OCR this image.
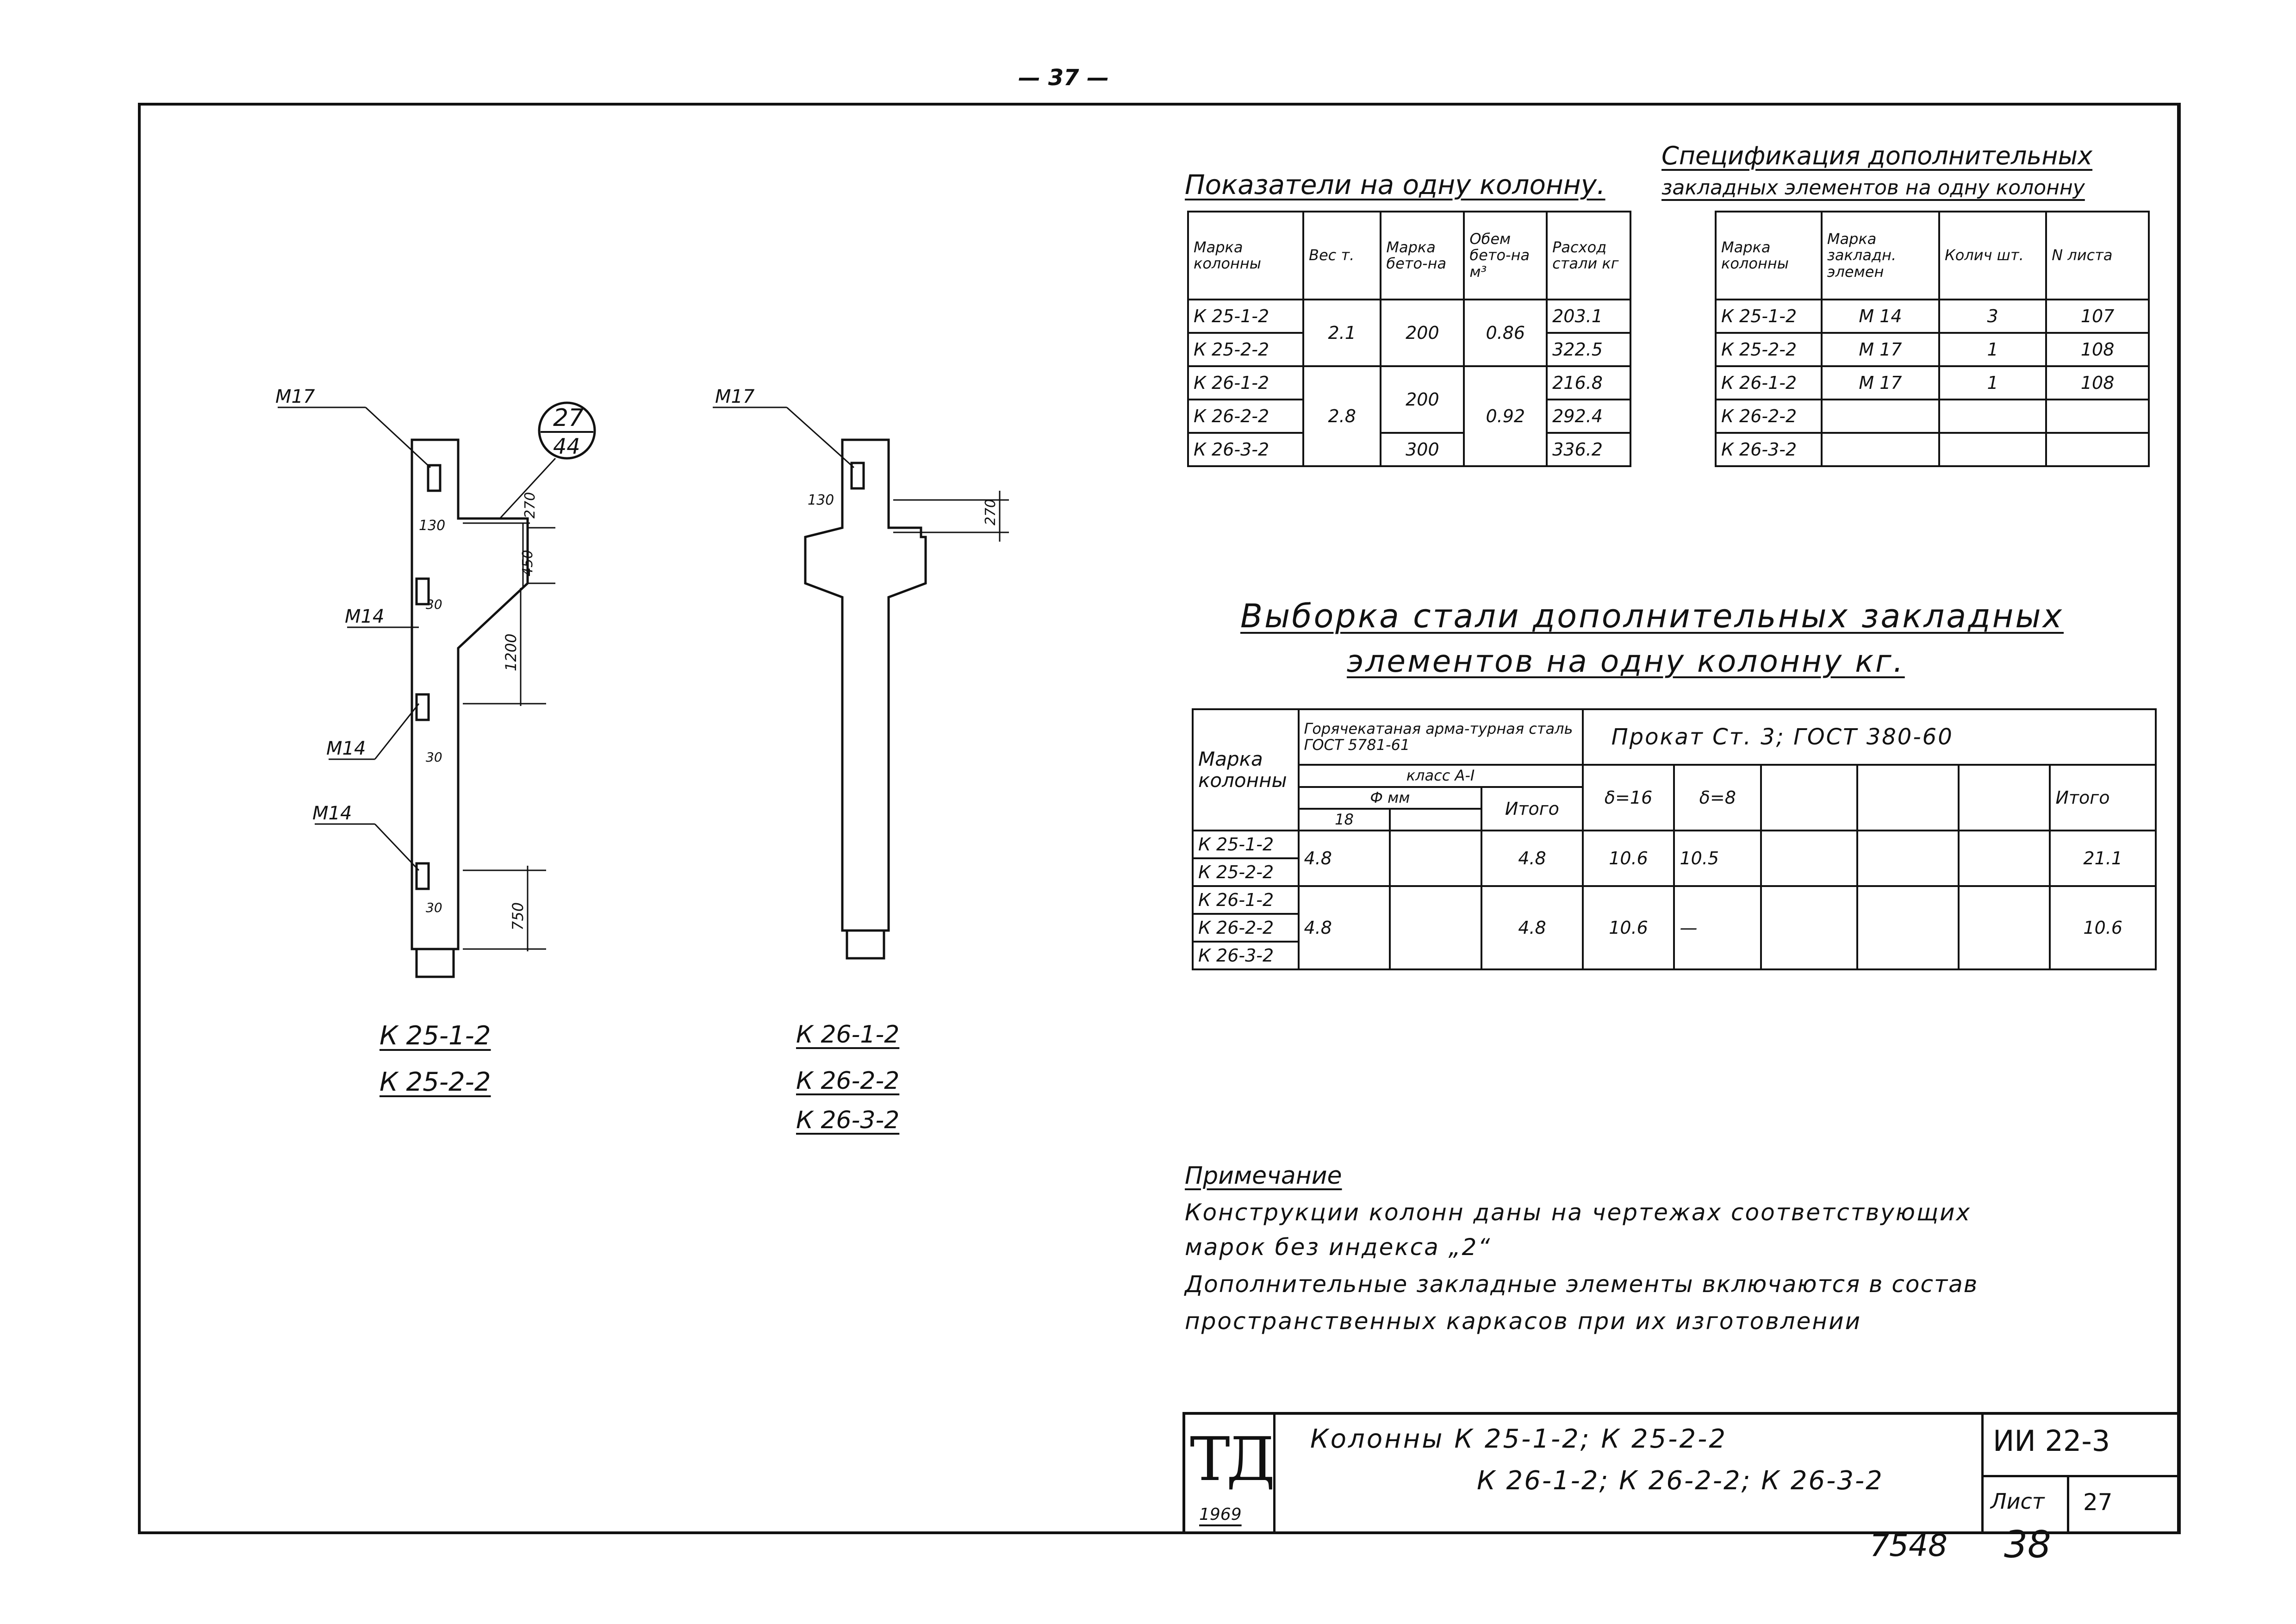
— 37 —
М17
М14
М14
М14
27
44
130
270
450
1200
750
30
30
30
М17
130	270
К 25-1-2
К 25-2-2
К 26-1-2
К 26-2-2
К 26-3-2
Показатели на одну колонну.
Марка колонны	Вес т.	Марка бето-на	Обем бето-на м³	Расход стали кг
К 25-1-2	2.1	200	0.86	203.1
К 25-2-2				322.5
К 26-1-2	2.8	200	0.92	216.8
К 26-2-2				292.4
К 26-3-2		300		336.2
Спецификация дополнительных
закладных элементов на одну колонну
Марка колонны	Марка закладн. элемен	Колич шт.	N листа
К 25-1-2	М 14	3	107
К 25-2-2	М 17	1	108
К 26-1-2	М 17	1	108
К 26-2-2			
К 26-3-2			
Выборка стали дополнительных закладных
элементов на одну колонну кг.
Марка колонны	Горячекатаная арма-турная сталь ГОСТ 5781-61			Прокат Ст. 3; ГОСТ 380-60					
	класс А-I			δ=16	δ=8				Итого
	Ф мм		Итого						
	18								
К 25-1-2	4.8		4.8	10.6	10.5				21.1
К 25-2-2									
К 26-1-2	4.8		4.8	10.6	—				10.6
К 26-2-2									
К 26-3-2									
Примечание
Конструкции колонн даны на чертежах соответствующих
марок без индекса „2“
Дополнительные закладные элементы включаются в состав
пространственных каркасов при их изготовлении
ТД
1969
Колонны К 25-1-2; К 25-2-2
К 26-1-2; К 26-2-2; К 26-3-2
ИИ 22-3
Лист 27
7548 38
